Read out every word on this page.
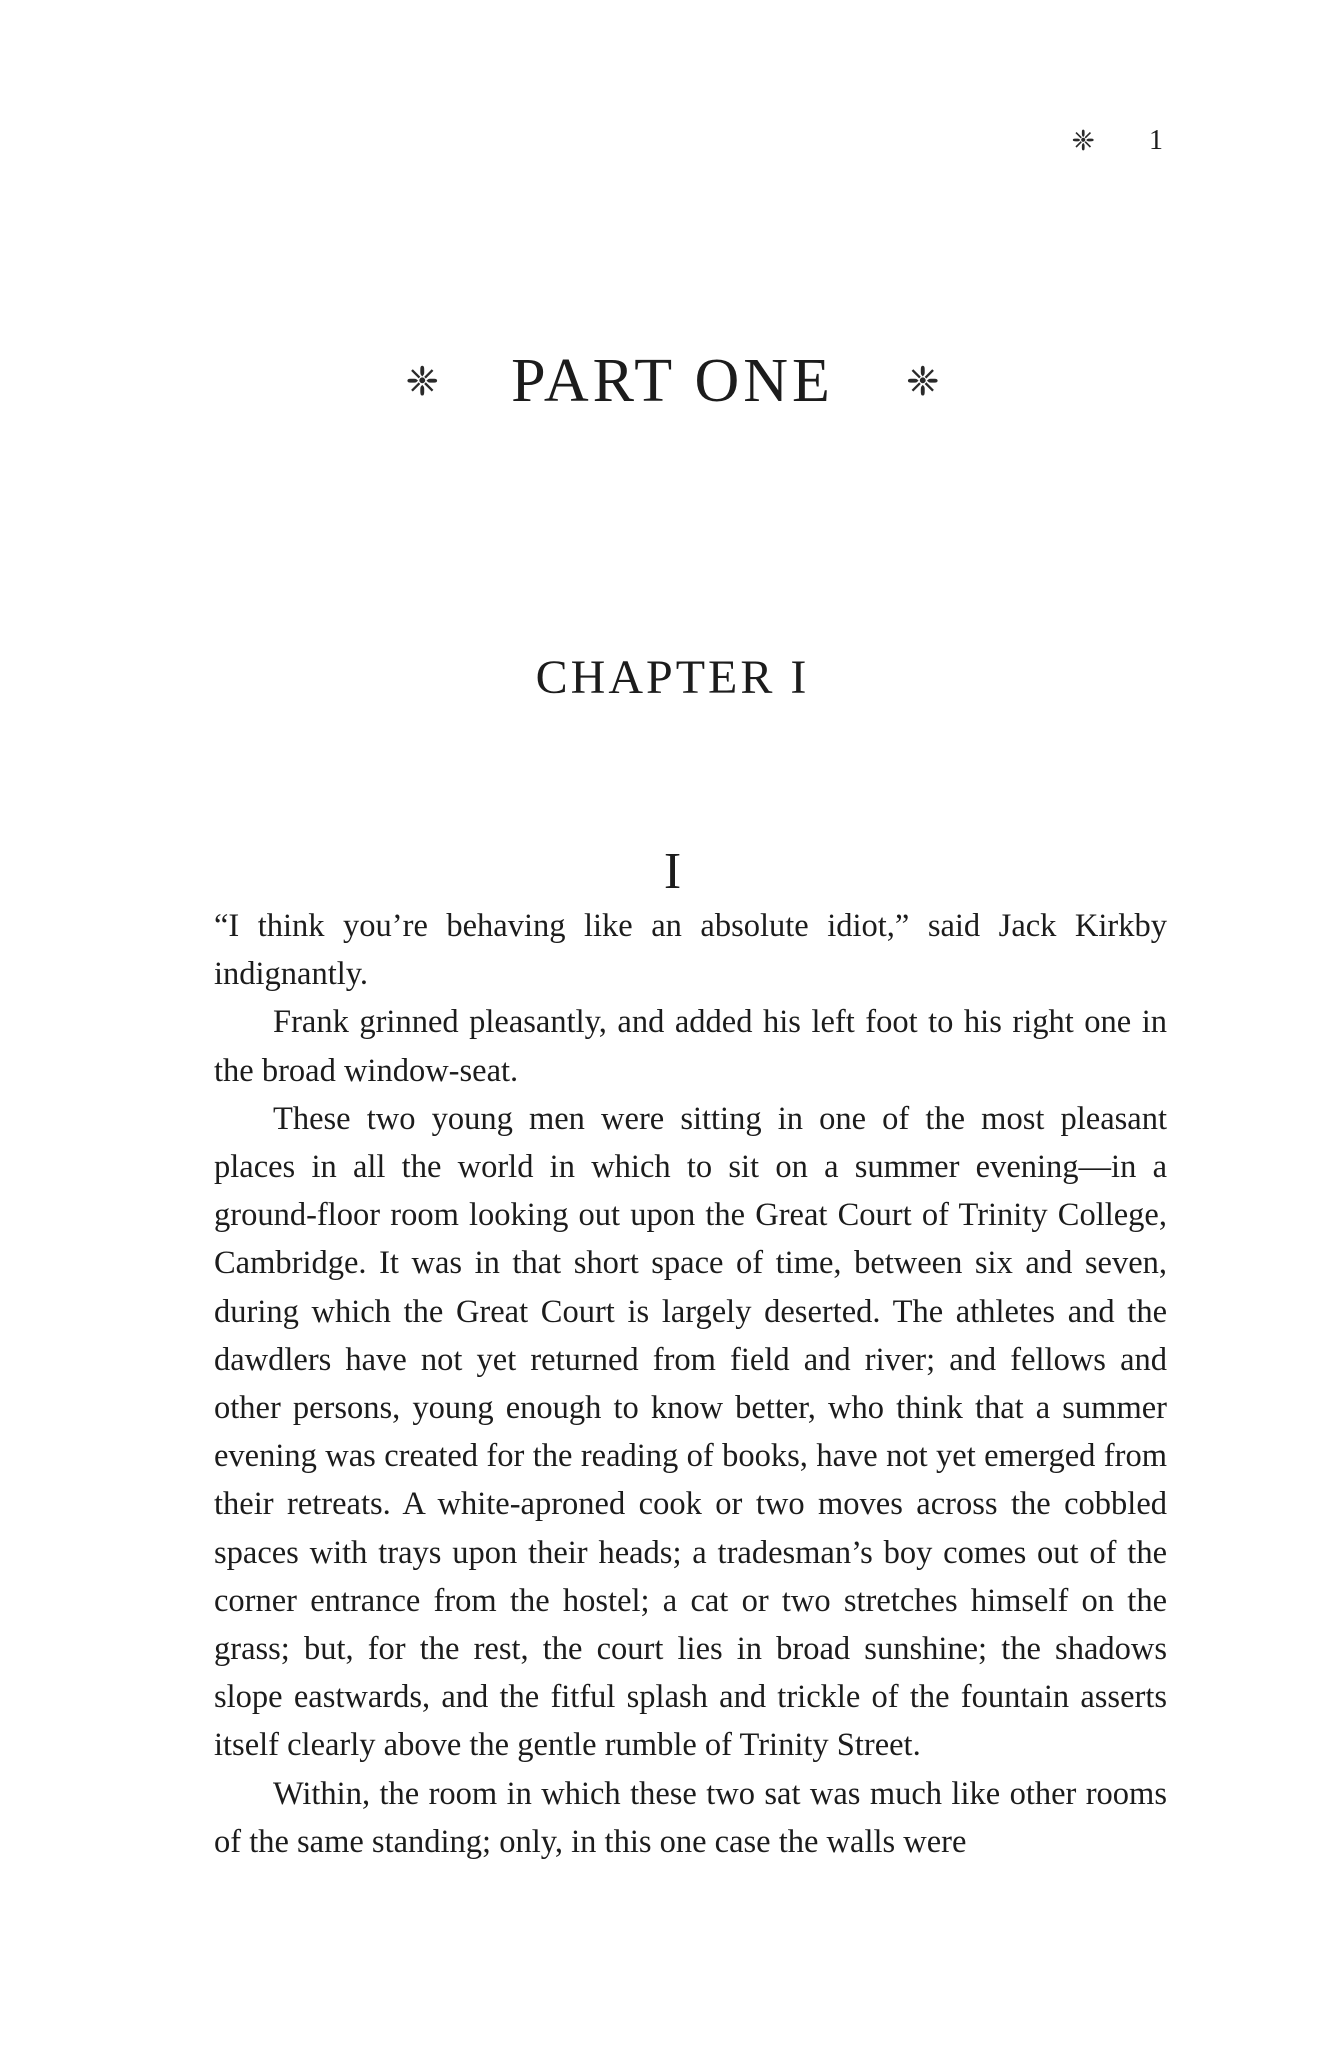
❈ 1
❈ PART ONE ❈
CHAPTER I
I

“I think you’re behaving like an absolute idiot,” said Jack Kirkby indignantly.

Frank grinned pleasantly, and added his left foot to his right one in the broad window-seat.

These two young men were sitting in one of the most pleasant places in all the world in which to sit on a summer evening—in a ground-floor room looking out upon the Great Court of Trinity College, Cambridge. It was in that short space of time, between six and seven, during which the Great Court is largely deserted. The athletes and the dawdlers have not yet returned from field and river; and fellows and other persons, young enough to know better, who think that a summer evening was created for the reading of books, have not yet emerged from their retreats. A white-aproned cook or two moves across the cobbled spaces with trays upon their heads; a tradesman’s boy comes out of the corner entrance from the hostel; a cat or two stretches himself on the grass; but, for the rest, the court lies in broad sunshine; the shadows slope eastwards, and the fitful splash and trickle of the fountain asserts itself clearly above the gentle rumble of Trinity Street.

Within, the room in which these two sat was much like other rooms of the same standing; only, in this one case the walls were
